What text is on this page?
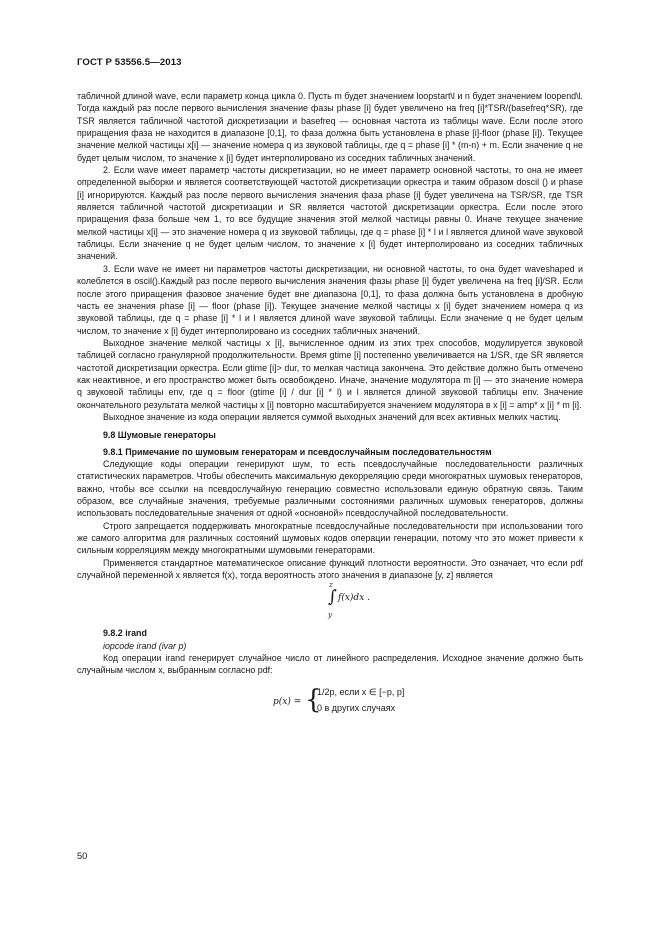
ГОСТ Р 53556.5—2013

табличной длиной wave, если параметр конца цикла 0. Пусть m будет значением loopstart\l и n будет значением loopend\l. Тогда каждый раз после первого вычисления значение фазы phase [i] будет увеличено на freq [i]*TSR/(basefreq*SR), где TSR является табличной частотой дискретизации и basefreq — основная частота из таблицы wave. Если после этого приращения фаза не находится в диапазоне [0,1], то фаза должна быть установлена в phase [i]-floor (phase [i]). Текущее значение мелкой частицы x[i] — значение номера q из звуковой таблицы, где q = phase [i] * (m-n) + m. Если значение q не будет целым числом, то значение x [i] будет интерполировано из соседних табличных значений.

2. Если wave имеет параметр частоты дискретизации, но не имеет параметр основной частоты, то она не имеет определенной выборки и является соответствующей частотой дискретизации оркестра и таким образом doscil () и phase [i] игнорируются. Каждый раз после первого вычисления значения фаза phase [i] будет увеличена на TSR/SR, где TSR является табличной частотой дискретизации и SR является частотой дискретизации оркестра. Если после этого приращения фаза больше чем 1, то все будущие значения этой мелкой частицы равны 0. Иначе текущее значение мелкой частицы x[i] — это значение номера q из звуковой таблицы, где q = phase [i] * l и l является длиной wave звуковой таблицы. Если значение q не будет целым числом, то значение x [i] будет интерполировано из соседних табличных значений.

3. Если wave не имеет ни параметров частоты дискретизации, ни основной частоты, то она будет waveshaped и колеблется в oscil().Каждый раз после первого вычисления значения фазы phase [i] будет увеличена на freq [i]/SR. Если после этого приращения фазовое значение будет вне диапазона [0,1], то фаза должна быть установлена в дробную часть ее значения phase [i] — floor (phase [i]). Текущее значение мелкой частицы x [i] будет значением номера q из звуковой таблицы, где q = phase [i] * l и l является длиной wave звуковой таблицы. Если значение q не будет целым числом, то значение x [i] будет интерполировано из соседних табличных значений.

Выходное значение мелкой частицы x [i], вычисленное одним из этих трех способов, модулируется звуковой таблицей согласно гранулярной продолжительности. Время gtime [i] постепенно увеличивается на 1/SR, где SR является частотой дискретизации оркестра. Если gtime [i]> dur, то мелкая частица закончена. Это действие должно быть отмечено как неактивное, и его пространство может быть освобождено. Иначе, значение модулятора m [i] — это значение номера q звуковой таблицы env, где q = floor (gtime [i] / dur [i] * l) и l является длиной звуковой таблицы env. Значение окончательного результата мелкой частицы x [i] повторно масштабируется значением модулятора в x [i] = amp* x [i] * m [i].

Выходное значение из кода операции является суммой выходных значений для всех активных мелких частиц.

9.8 Шумовые генераторы

9.8.1 Примечание по шумовым генераторам и псевдослучайным последовательностям

Следующие коды операции генерируют шум, то есть псевдослучайные последовательности различных статистических параметров. Чтобы обеспечить максимальную декорреляцию среди многократных шумовых генераторов, важно, чтобы все ссылки на псевдослучайную генерацию совместно использовали единую обратную связь. Таким образом, все случайные значения, требуемые различными состояниями различных шумовых генераторов, должны использовать последовательные значения от одной «основной» псевдослучайной последовательности.

Строго запрещается поддерживать многократные псевдослучайные последовательности при использовании того же самого алгоритма для различных состояний шумовых кодов операции генерации, потому что это может привести к сильным корреляциям между многократными шумовыми генераторами.

Применяется стандартное математическое описание функций плотности вероятности. Это означает, что если pdf случайной переменной x является f(x), тогда вероятность этого значения в диапазоне [y, z] является

z
∫
y
f(x)dx .

9.8.2 irand

iopcode irand (ivar p)

Код операции irand генерирует случайное число от линейного распределения. Исходное значение должно быть случайным числом x, выбранным согласно pdf:

p(x) = {
1/2p, если x ∈ [−p, p]
0 в других случаях
50
